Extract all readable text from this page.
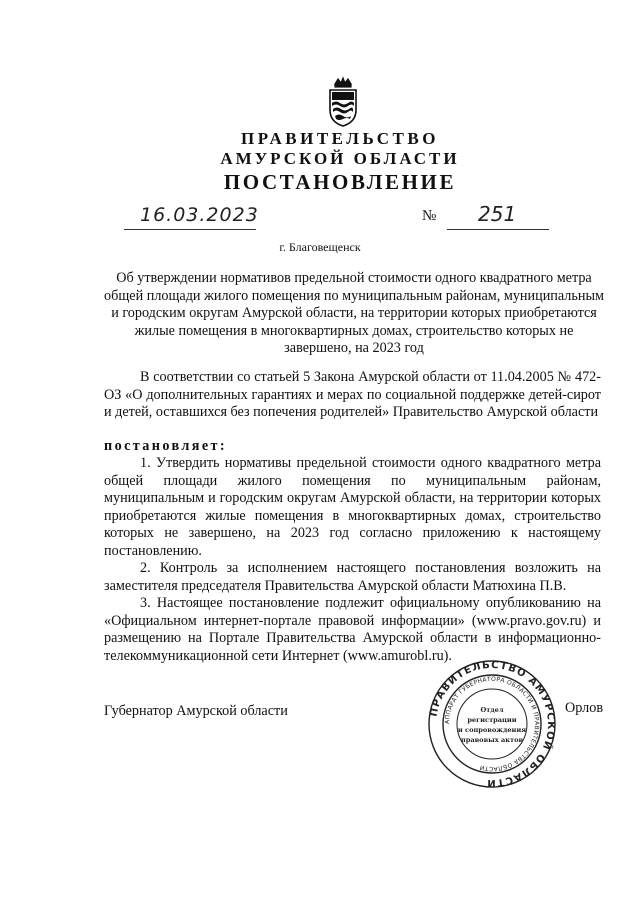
ПРАВИТЕЛЬСТВО
АМУРСКОЙ ОБЛАСТИ
ПОСТАНОВЛЕНИЕ
16.03.2023	№ 251
г. Благовещенск
Об утверждении нормативов предельной стоимости одного квадратного метра общей площади жилого помещения по муниципальным районам, муниципальным и городским округам Амурской области, на территории которых приобретаются жилые помещения в многоквартирных домах, строительство которых не завершено, на 2023 год
В соответствии со статьей 5 Закона Амурской области от 11.04.2005 № 472-ОЗ «О дополнительных гарантиях и мерах по социальной поддержке детей-сирот и детей, оставшихся без попечения родителей» Правительство Амурской области
постановляет:
1. Утвердить нормативы предельной стоимости одного квадратного метра общей площади жилого помещения по муниципальным районам, муниципальным и городским округам Амурской области, на территории которых приобретаются жилые помещения в многоквартирных домах, строительство которых не завершено, на 2023 год согласно приложению к настоящему постановлению.
2. Контроль за исполнением настоящего постановления возложить на заместителя председателя Правительства Амурской области Матюхина П.В.
3. Настоящее постановление подлежит официальному опубликованию на «Официальном интернет-портале правовой информации» (www.pravo.gov.ru) и размещению на Портале Правительства Амурской области в информационно-телекоммуникационной сети Интернет (www.amurobl.ru).
Губернатор Амурской области	Орлов
ПРАВИТЕЛЬСТВО АМУРСКОЙ ОБЛАСТИ
АППАРАТ ГУБЕРНАТОРА ОБЛАСТИ И ПРАВИТЕЛЬСТВА ОБЛАСТИ
Отдел
регистрации
и сопровождения
правовых актов
